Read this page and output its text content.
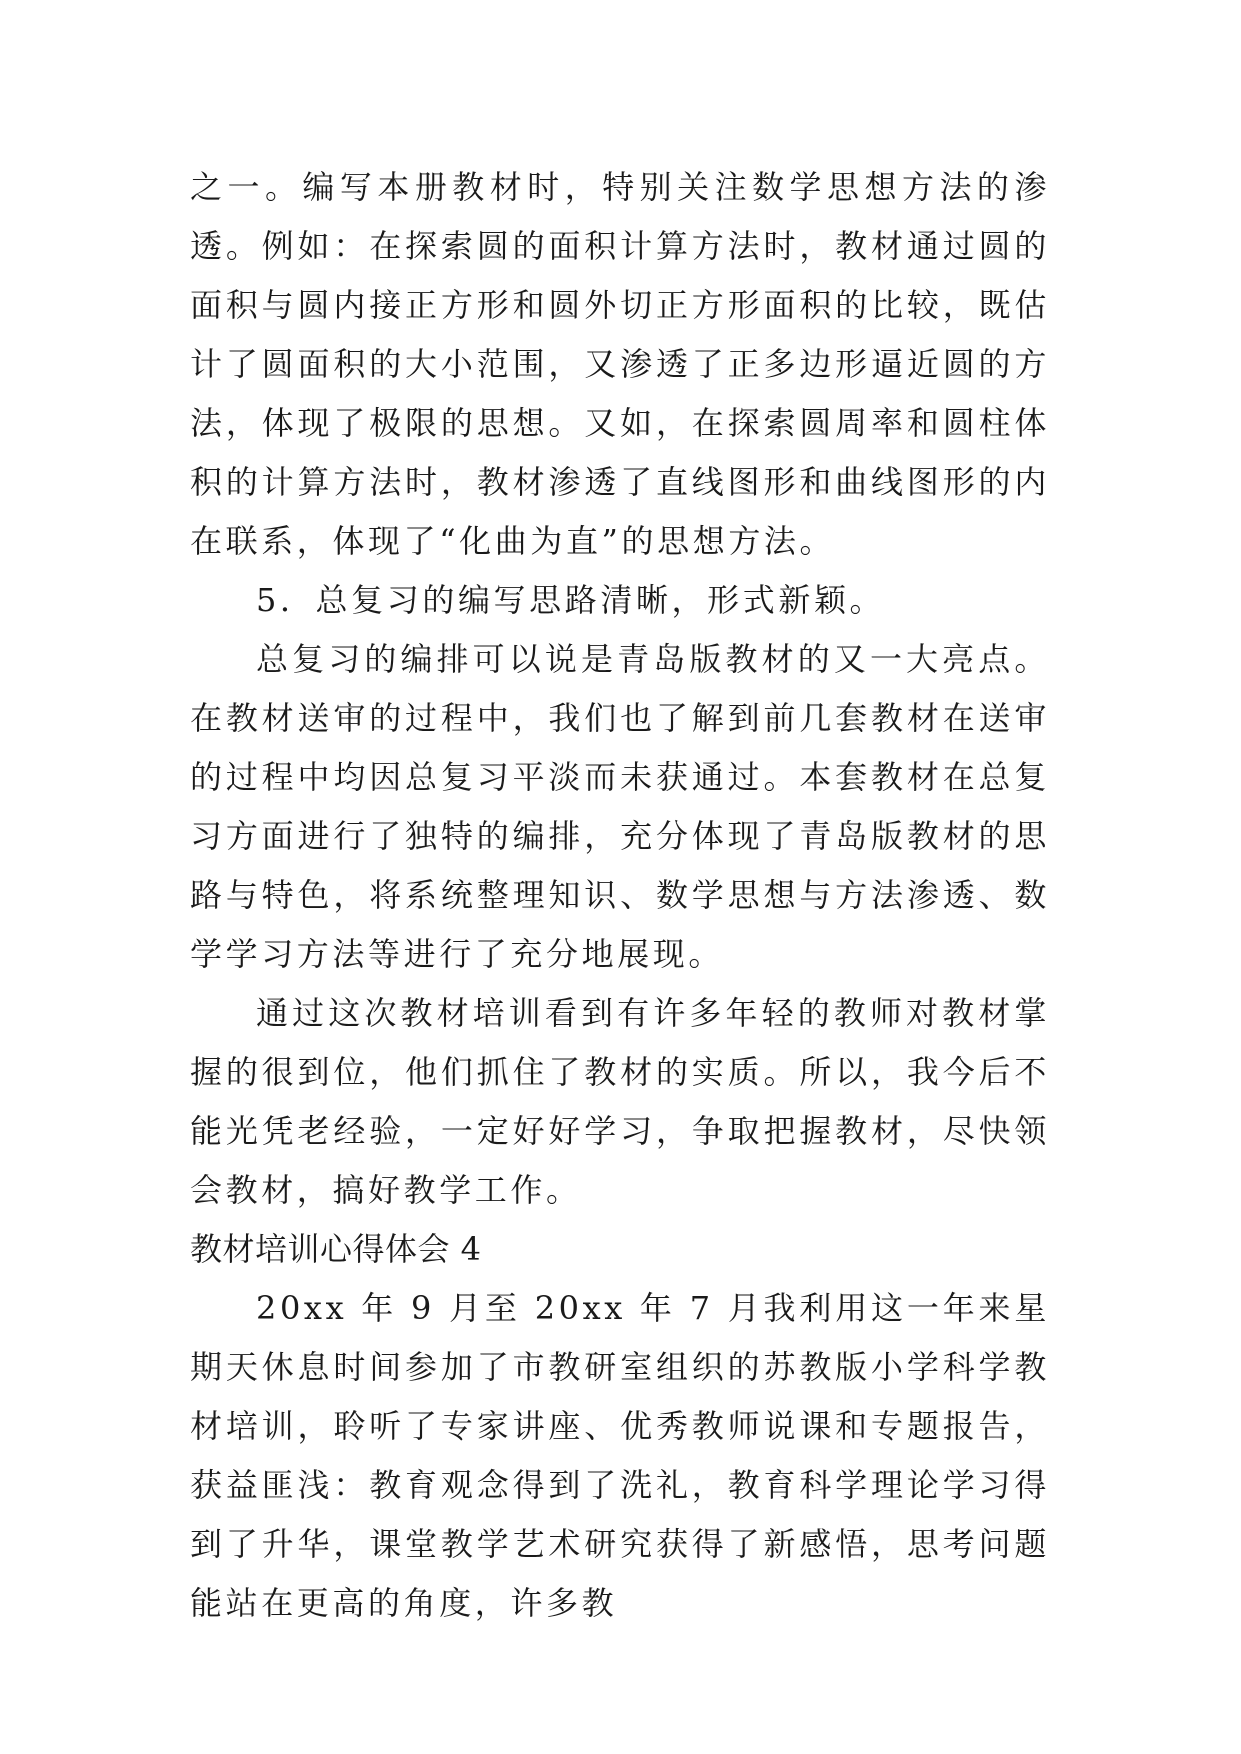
之一。编写本册教材时，特别关注数学思想方法的渗透。例如：在探索圆的面积计算方法时，教材通过圆的面积与圆内接正方形和圆外切正方形面积的比较，既估计了圆面积的大小范围，又渗透了正多边形逼近圆的方法，体现了极限的思想。又如，在探索圆周率和圆柱体积的计算方法时，教材渗透了直线图形和曲线图形的内在联系，体现了“化曲为直”的思想方法。

5．总复习的编写思路清晰，形式新颖。

总复习的编排可以说是青岛版教材的又一大亮点。在教材送审的过程中，我们也了解到前几套教材在送审的过程中均因总复习平淡而未获通过。本套教材在总复习方面进行了独特的编排，充分体现了青岛版教材的思路与特色，将系统整理知识、数学思想与方法渗透、数学学习方法等进行了充分地展现。

通过这次教材培训看到有许多年轻的教师对教材掌握的很到位，他们抓住了教材的实质。所以，我今后不能光凭老经验，一定好好学习，争取把握教材，尽快领会教材，搞好教学工作。

教材培训心得体会 4

20xx 年 9 月至 20xx 年 7 月我利用这一年来星期天休息时间参加了市教研室组织的苏教版小学科学教材培训，聆听了专家讲座、优秀教师说课和专题报告，获益匪浅：教育观念得到了洗礼，教育科学理论学习得到了升华，课堂教学艺术研究获得了新感悟，思考问题能站在更高的角度，许多教
